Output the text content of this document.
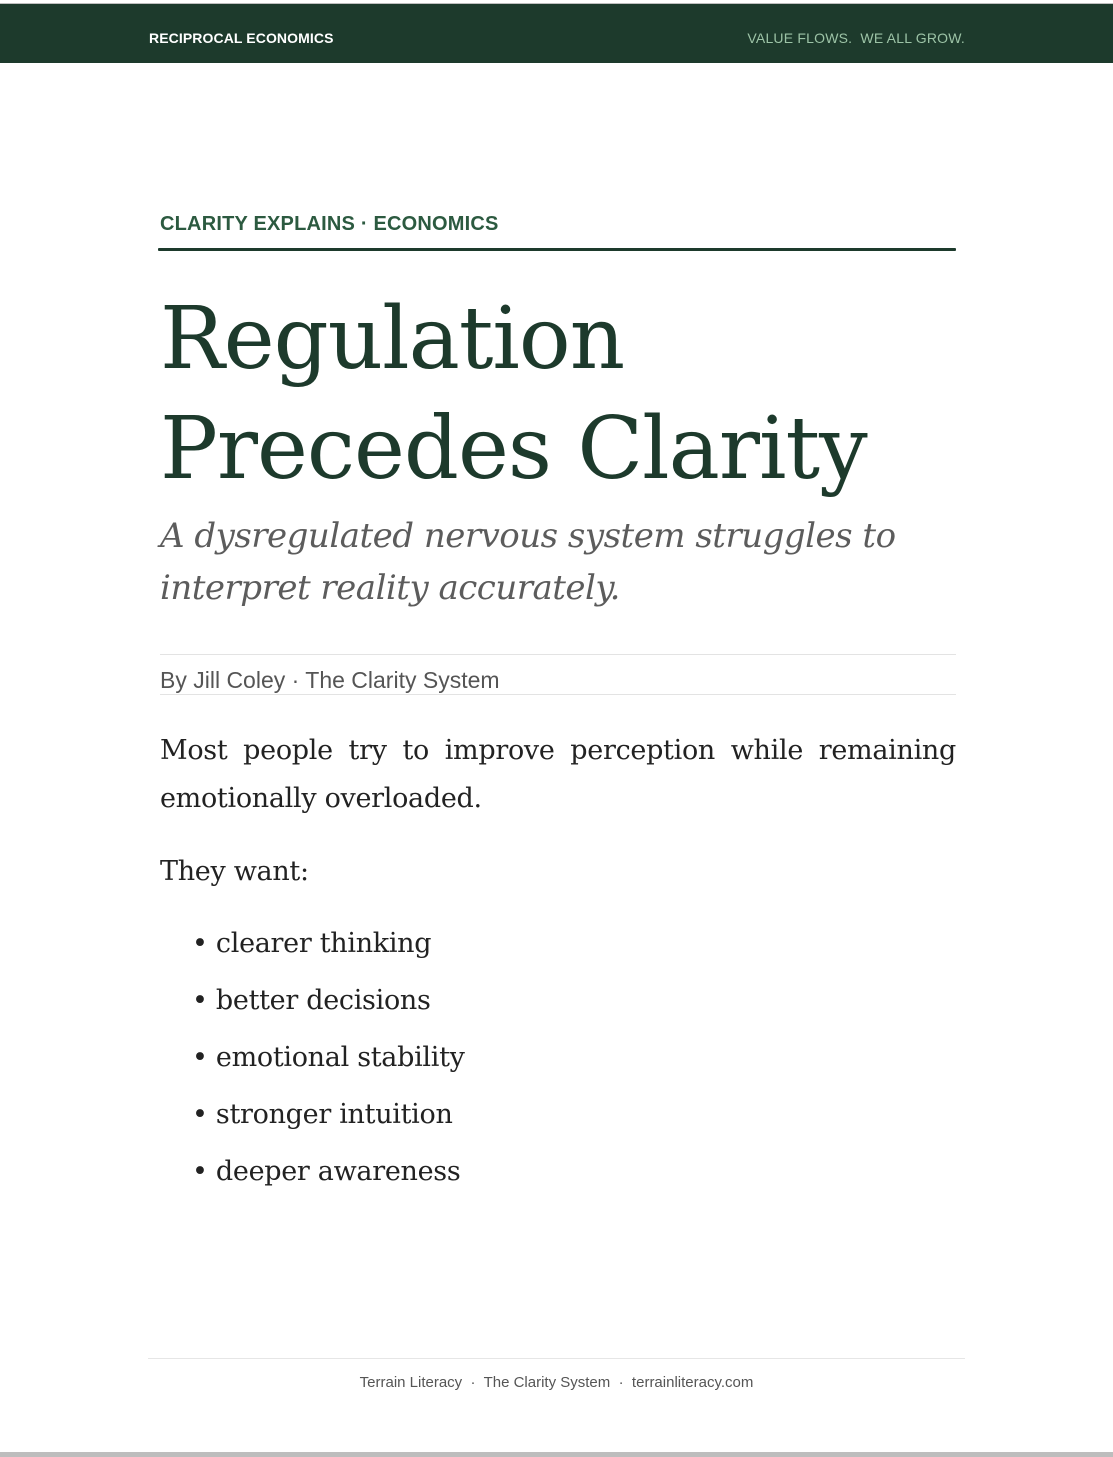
RECIPROCAL ECONOMICS	VALUE FLOWS.  WE ALL GROW.
CLARITY EXPLAINS · ECONOMICS
Regulation Precedes Clarity

A dysregulated nervous system struggles to interpret reality accurately.

By Jill Coley · The Clarity System

Most people try to improve perception while remaining emotionally overloaded.

They want:

• clearer thinking
• better decisions
• emotional stability
• stronger intuition
• deeper awareness
Terrain Literacy  ·  The Clarity System  ·  terrainliteracy.com
